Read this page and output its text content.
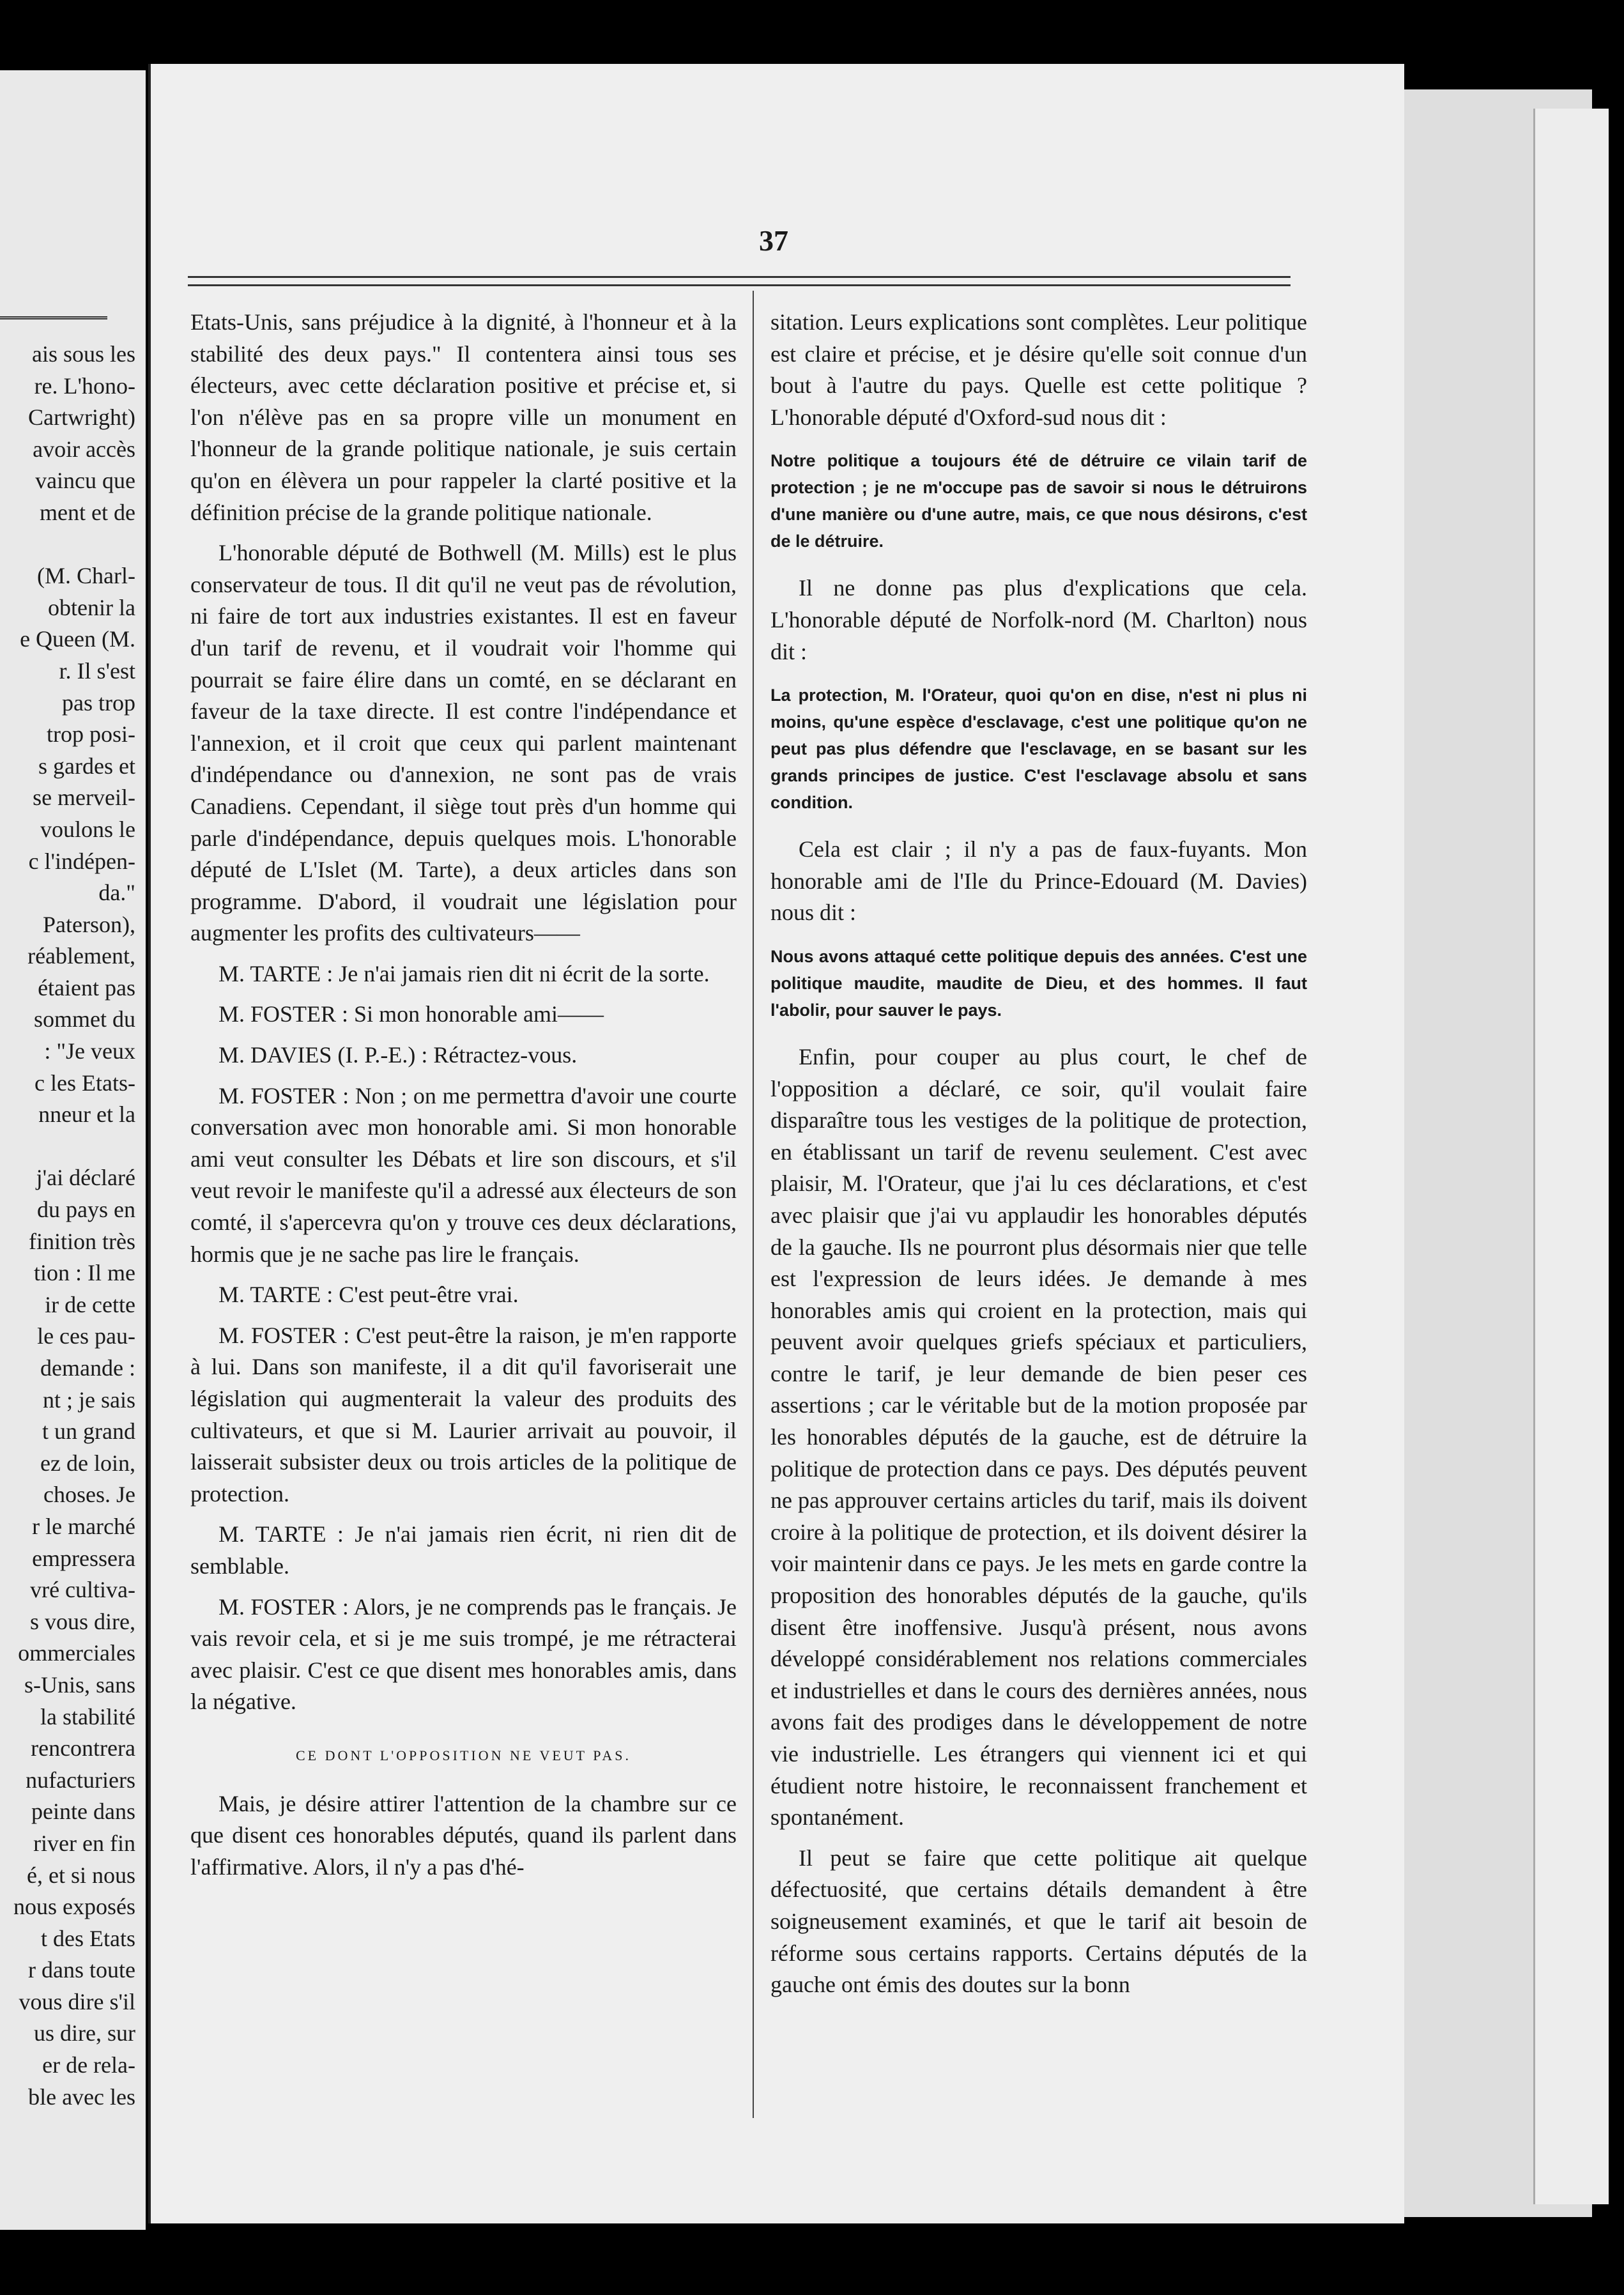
ais sous les
re. L'hono-
Cartwright)
avoir accès
vaincu que
ment et de

(M. Charl-
obtenir la
e Queen (M.
r. Il s'est
pas trop
trop posi-
s gardes et
se merveil-
voulons le
c l'indépen-
da."
Paterson),
réablement,
étaient pas
sommet du
: "Je veux
c les Etats-
nneur et la

j'ai déclaré
du pays en
finition très
tion : Il me
ir de cette
le ces pau-
demande :
nt ; je sais
t un grand
ez de loin,
choses. Je
r le marché
empressera
vré cultiva-
s vous dire,
ommerciales
s-Unis, sans
la stabilité
rencontrera
nufacturiers
peinte dans
river en fin
é, et si nous
nous exposés
t des Etats
r dans toute
vous dire s'il
us dire, sur
er de rela-
ble avec les
37

Etats-Unis, sans préjudice à la dignité, à l'honneur et à la stabilité des deux pays." Il contentera ainsi tous ses électeurs, avec cette déclaration positive et précise et, si l'on n'élève pas en sa propre ville un monument en l'honneur de la grande politique nationale, je suis certain qu'on en élèvera un pour rappeler la clarté positive et la définition précise de la grande politique nationale.

L'honorable député de Bothwell (M. Mills) est le plus conservateur de tous. Il dit qu'il ne veut pas de révolution, ni faire de tort aux industries existantes. Il est en faveur d'un tarif de revenu, et il voudrait voir l'homme qui pourrait se faire élire dans un comté, en se déclarant en faveur de la taxe directe. Il est contre l'indépendance et l'annexion, et il croit que ceux qui parlent maintenant d'indépendance ou d'annexion, ne sont pas de vrais Canadiens. Cependant, il siège tout près d'un homme qui parle d'indépendance, depuis quelques mois. L'honorable député de L'Islet (M. Tarte), a deux articles dans son programme. D'abord, il voudrait une législation pour augmenter les profits des cultivateurs——

M. TARTE : Je n'ai jamais rien dit ni écrit de la sorte.

M. FOSTER : Si mon honorable ami——

M. DAVIES (I. P.-E.) : Rétractez-vous.

M. FOSTER : Non ; on me permettra d'avoir une courte conversation avec mon honorable ami. Si mon honorable ami veut consulter les Débats et lire son discours, et s'il veut revoir le manifeste qu'il a adressé aux électeurs de son comté, il s'apercevra qu'on y trouve ces deux déclarations, hormis que je ne sache pas lire le français.

M. TARTE : C'est peut-être vrai.

M. FOSTER : C'est peut-être la raison, je m'en rapporte à lui. Dans son manifeste, il a dit qu'il favoriserait une législation qui augmenterait la valeur des produits des cultivateurs, et que si M. Laurier arrivait au pouvoir, il laisserait subsister deux ou trois articles de la politique de protection.

M. TARTE : Je n'ai jamais rien écrit, ni rien dit de semblable.

M. FOSTER : Alors, je ne comprends pas le français. Je vais revoir cela, et si je me suis trompé, je me rétracterai avec plaisir. C'est ce que disent mes honorables amis, dans la négative.

CE DONT L'OPPOSITION NE VEUT PAS.

Mais, je désire attirer l'attention de la chambre sur ce que disent ces honorables députés, quand ils parlent dans l'affirmative. Alors, il n'y a pas d'hé-

sitation. Leurs explications sont complètes. Leur politique est claire et précise, et je désire qu'elle soit connue d'un bout à l'autre du pays. Quelle est cette politique ? L'honorable député d'Oxford-sud nous dit :

Notre politique a toujours été de détruire ce vilain tarif de protection ; je ne m'occupe pas de savoir si nous le détruirons d'une manière ou d'une autre, mais, ce que nous désirons, c'est de le détruire.

Il ne donne pas plus d'explications que cela. L'honorable député de Norfolk-nord (M. Charlton) nous dit :

La protection, M. l'Orateur, quoi qu'on en dise, n'est ni plus ni moins, qu'une espèce d'esclavage, c'est une politique qu'on ne peut pas plus défendre que l'esclavage, en se basant sur les grands principes de justice. C'est l'esclavage absolu et sans condition.

Cela est clair ; il n'y a pas de faux-fuyants. Mon honorable ami de l'Ile du Prince-Edouard (M. Davies) nous dit :

Nous avons attaqué cette politique depuis des années. C'est une politique maudite, maudite de Dieu, et des hommes. Il faut l'abolir, pour sauver le pays.

Enfin, pour couper au plus court, le chef de l'opposition a déclaré, ce soir, qu'il voulait faire disparaître tous les vestiges de la politique de protection, en établissant un tarif de revenu seulement. C'est avec plaisir, M. l'Orateur, que j'ai lu ces déclarations, et c'est avec plaisir que j'ai vu applaudir les honorables députés de la gauche. Ils ne pourront plus désormais nier que telle est l'expression de leurs idées. Je demande à mes honorables amis qui croient en la protection, mais qui peuvent avoir quelques griefs spéciaux et particuliers, contre le tarif, je leur demande de bien peser ces assertions ; car le véritable but de la motion proposée par les honorables députés de la gauche, est de détruire la politique de protection dans ce pays. Des députés peuvent ne pas approuver certains articles du tarif, mais ils doivent croire à la politique de protection, et ils doivent désirer la voir maintenir dans ce pays. Je les mets en garde contre la proposition des honorables députés de la gauche, qu'ils disent être inoffensive. Jusqu'à présent, nous avons développé considérablement nos relations commerciales et industrielles et dans le cours des dernières années, nous avons fait des prodiges dans le développement de notre vie industrielle. Les étrangers qui viennent ici et qui étudient notre histoire, le reconnaissent franchement et spontanément.

Il peut se faire que cette politique ait quelque défectuosité, que certains détails demandent à être soigneusement examinés, et que le tarif ait besoin de réforme sous certains rapports. Certains députés de la gauche ont émis des doutes sur la bonn
